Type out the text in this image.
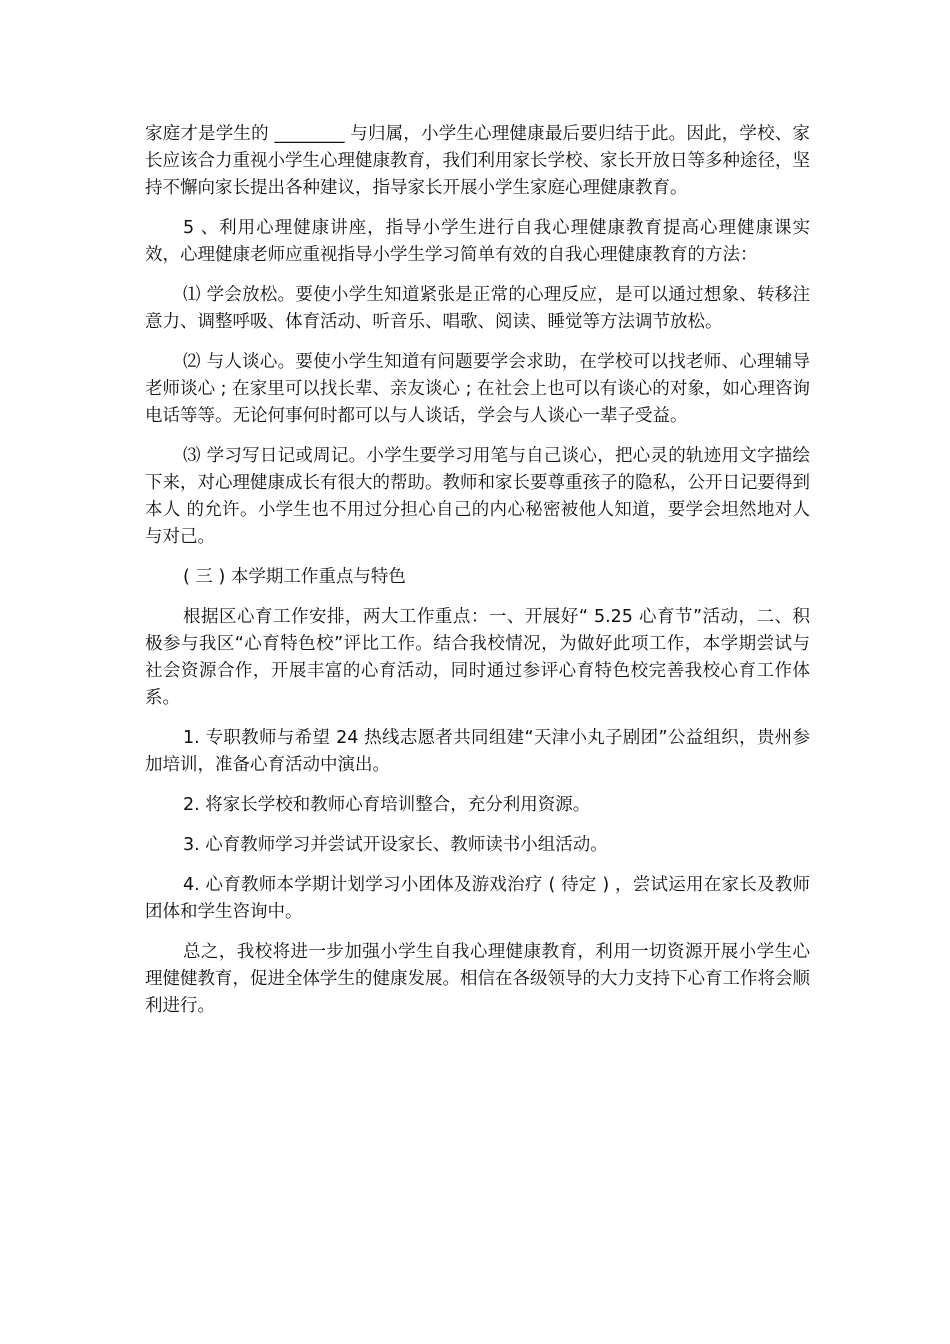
家庭才是学生的 ________ 与归属，小学生心理健康最后要归结于此。因此，学校、家长应该合力重视小学生心理健康教育，我们利用家长学校、家长开放日等多种途径，坚持不懈向家长提出各种建议，指导家长开展小学生家庭心理健康教育。

5 、利用心理健康讲座，指导小学生进行自我心理健康教育提高心理健康课实效，心理健康老师应重视指导小学生学习简单有效的自我心理健康教育的方法：

⑴ 学会放松。要使小学生知道紧张是正常的心理反应，是可以通过想象、转移注意力、调整呼吸、体育活动、听音乐、唱歌、阅读、睡觉等方法调节放松。

⑵ 与人谈心。要使小学生知道有问题要学会求助，在学校可以找老师、心理辅导老师谈心 ; 在家里可以找长辈、亲友谈心 ; 在社会上也可以有谈心的对象，如心理咨询电话等等。无论何事何时都可以与人谈话，学会与人谈心一辈子受益。

⑶ 学习写日记或周记。小学生要学习用笔与自己谈心，把心灵的轨迹用文字描绘下来，对心理健康成长有很大的帮助。教师和家长要尊重孩子的隐私，公开日记要得到本人 的允许。小学生也不用过分担心自己的内心秘密被他人知道，要学会坦然地对人与对己。

( 三 ) 本学期工作重点与特色

根据区心育工作安排，两大工作重点：一、开展好“ 5.25 心育节”活动，二、积极参与我区“心育特色校”评比工作。结合我校情况，为做好此项工作，本学期尝试与社会资源合作，开展丰富的心育活动，同时通过参评心育特色校完善我校心育工作体系。

1. 专职教师与希望 24 热线志愿者共同组建“天津小丸子剧团”公益组织，贵州参加培训，准备心育活动中演出。

2. 将家长学校和教师心育培训整合，充分利用资源。

3. 心育教师学习并尝试开设家长、教师读书小组活动。

4. 心育教师本学期计划学习小团体及游戏治疗 ( 待定 ) ，尝试运用在家长及教师团体和学生咨询中。

总之，我校将进一步加强小学生自我心理健康教育，利用一切资源开展小学生心理健健教育，促进全体学生的健康发展。相信在各级领导的大力支持下心育工作将会顺利进行。
